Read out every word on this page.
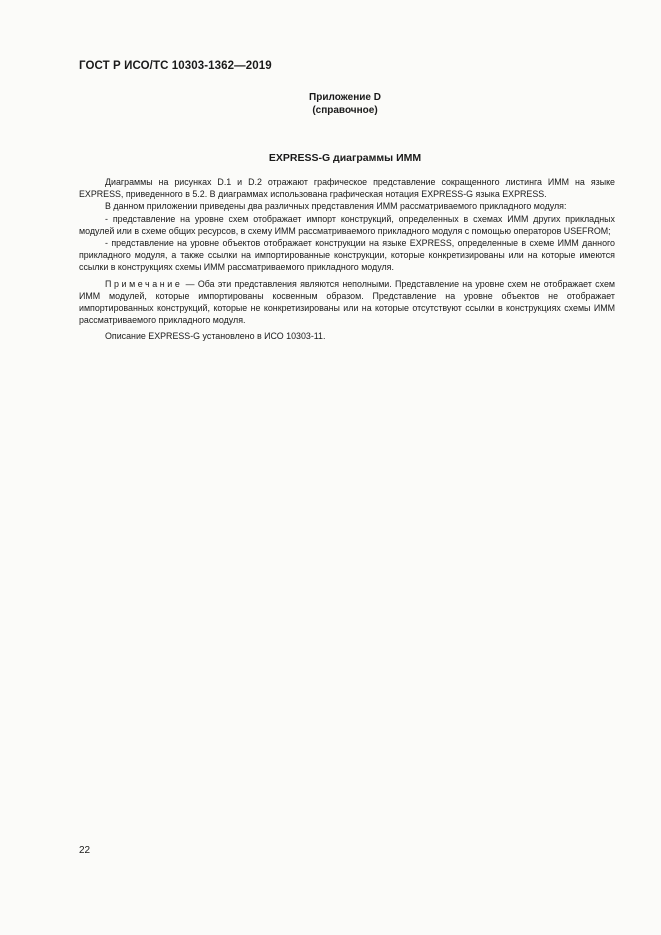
ГОСТ Р ИСО/ТС 10303-1362—2019
Приложение D
(справочное)
EXPRESS-G диаграммы ИММ

Диаграммы на рисунках D.1 и D.2 отражают графическое представление сокращенного листинга ИММ на языке EXPRESS, приведенного в 5.2. В диаграммах использована графическая нотация EXPRESS-G языка EXPRESS.

В данном приложении приведены два различных представления ИММ рассматриваемого прикладного модуля:

- представление на уровне схем отображает импорт конструкций, определенных в схемах ИММ других прикладных модулей или в схеме общих ресурсов, в схему ИММ рассматриваемого прикладного модуля с помощью операторов USEFROM;

- представление на уровне объектов отображает конструкции на языке EXPRESS, определенные в схеме ИММ данного прикладного модуля, а также ссылки на импортированные конструкции, которые конкретизированы или на которые имеются ссылки в конструкциях схемы ИММ рассматриваемого прикладного модуля.

Примечание — Оба эти представления являются неполными. Представление на уровне схем не отображает схем ИММ модулей, которые импортированы косвенным образом. Представление на уровне объектов не отображает импортированных конструкций, которые не конкретизированы или на которые отсутствуют ссылки в конструкциях схемы ИММ рассматриваемого прикладного модуля.

Описание EXPRESS-G установлено в ИСО 10303-11.

22
